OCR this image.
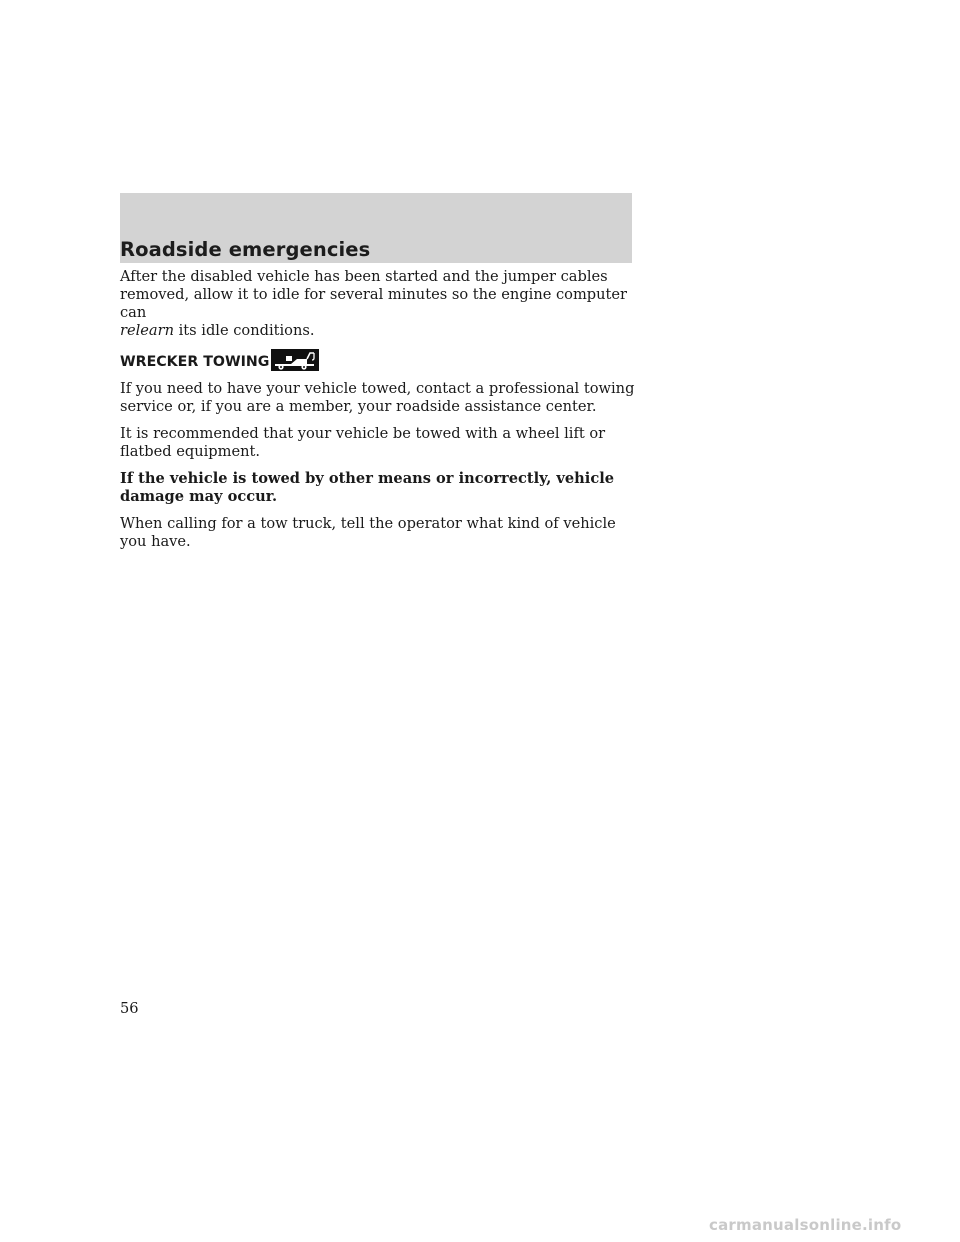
Roadside emergencies

After the disabled vehicle has been started and the jumper cables removed, allow it to idle for several minutes so the engine computer can
relearn its idle conditions.

WRECKER TOWING

If you need to have your vehicle towed, contact a professional towing service or, if you are a member, your roadside assistance center.

It is recommended that your vehicle be towed with a wheel lift or flatbed equipment.

If the vehicle is towed by other means or incorrectly, vehicle damage may occur.

When calling for a tow truck, tell the operator what kind of vehicle you have.

56

carmanualsonline.info
